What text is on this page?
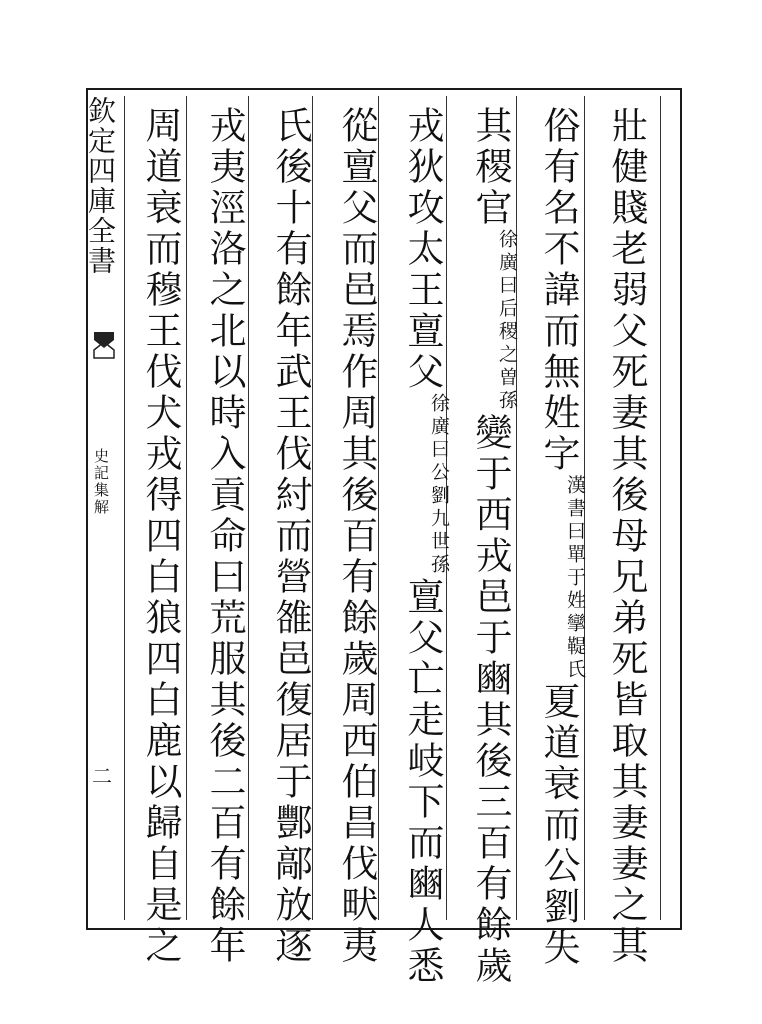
欽定四庫全書
史記集解
二	壯健賤老弱父死妻其後母兄弟死皆取其妻妻之其
俗有名不諱而無姓字漢書曰單于姓攣鞮氏夏道衰而公劉失
其稷官徐廣曰后稷之曽孫變于西戎邑于豳其後三百有餘歲
戎狄攻太王亶父徐廣曰公劉九世孫亶父亡走岐下而豳人悉
從亶父而邑焉作周其後百有餘歲周西伯昌伐畎夷
氏後十有餘年武王伐紂而營雒邑復居于酆鄗放逐
戎夷涇洛之北以時入貢命曰荒服其後二百有餘年
周道衰而穆王伐犬戎得四白狼四白鹿以歸自是之
